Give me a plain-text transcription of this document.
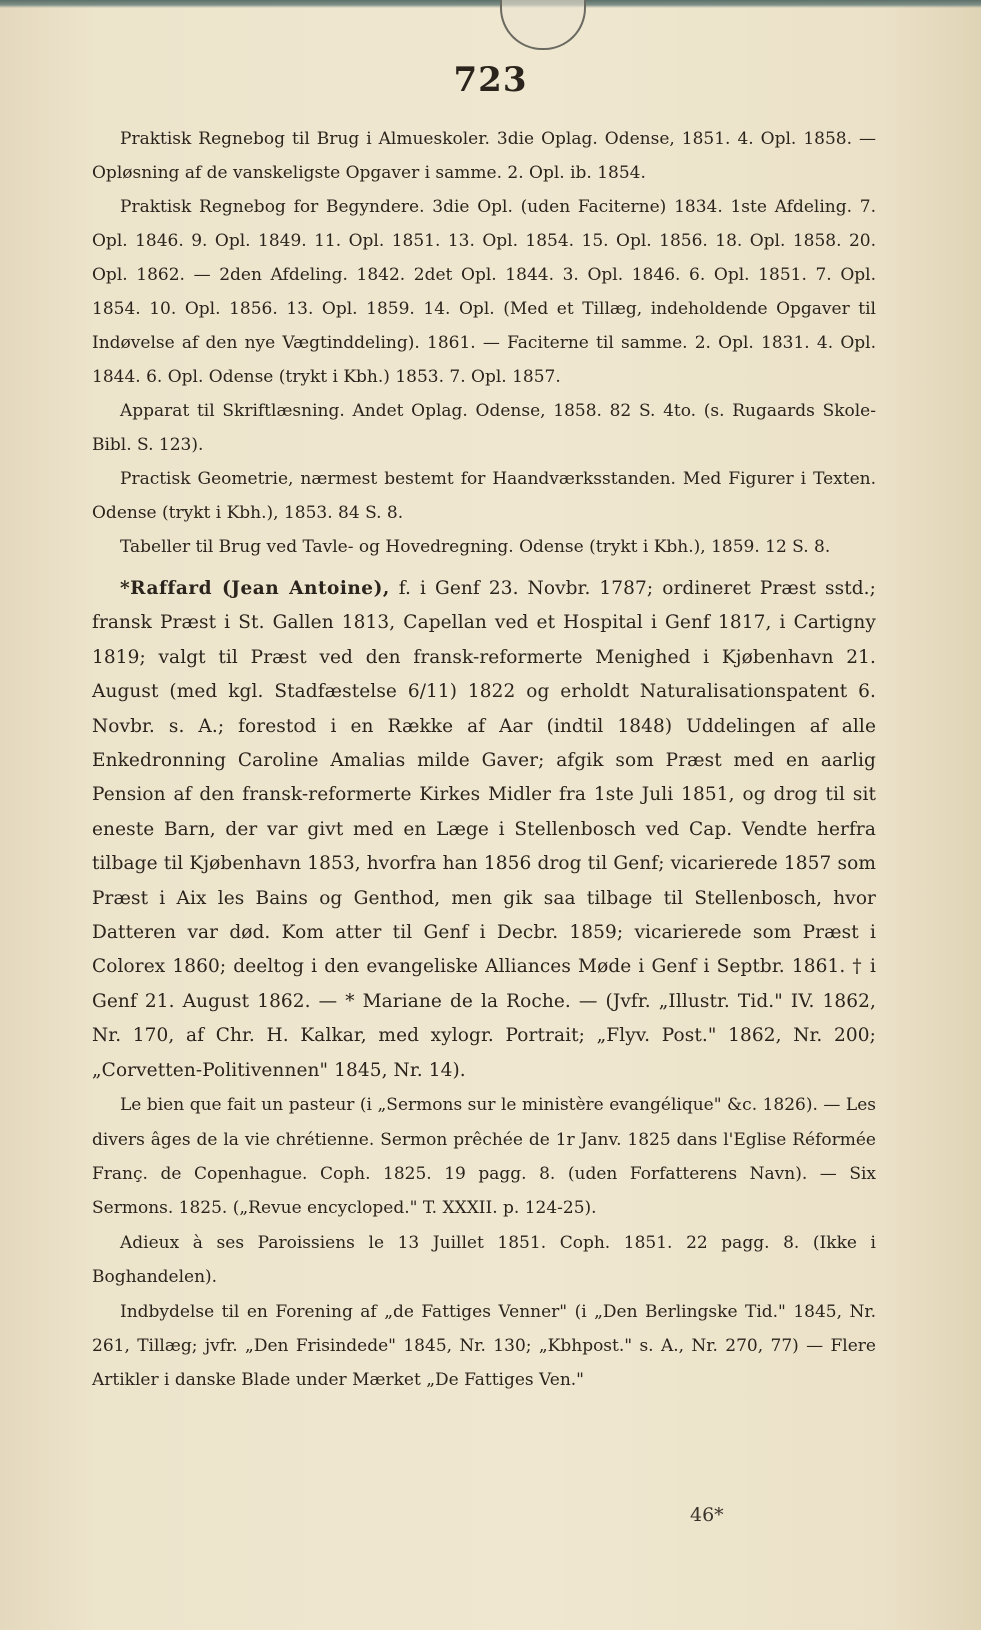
723

Praktisk Regnebog til Brug i Almueskoler. 3die Oplag. Odense, 1851. 4. Opl. 1858. — Opløsning af de vanskeligste Opgaver i samme. 2. Opl. ib. 1854.

Praktisk Regnebog for Begyndere. 3die Opl. (uden Faciterne) 1834. 1ste Afdeling. 7. Opl. 1846. 9. Opl. 1849. 11. Opl. 1851. 13. Opl. 1854. 15. Opl. 1856. 18. Opl. 1858. 20. Opl. 1862. — 2den Afdeling. 1842. 2det Opl. 1844. 3. Opl. 1846. 6. Opl. 1851. 7. Opl. 1854. 10. Opl. 1856. 13. Opl. 1859. 14. Opl. (Med et Tillæg, indeholdende Opgaver til Indøvelse af den nye Vægtinddeling). 1861. — Faciterne til samme. 2. Opl. 1831. 4. Opl. 1844. 6. Opl. Odense (trykt i Kbh.) 1853. 7. Opl. 1857.

Apparat til Skriftlæsning. Andet Oplag. Odense, 1858. 82 S. 4to. (s. Rugaards Skole-Bibl. S. 123).

Practisk Geometrie, nærmest bestemt for Haandværksstanden. Med Figurer i Texten. Odense (trykt i Kbh.), 1853. 84 S. 8.

Tabeller til Brug ved Tavle- og Hovedregning. Odense (trykt i Kbh.), 1859. 12 S. 8.

*Raffard (Jean Antoine), f. i Genf 23. Novbr. 1787; ordineret Præst sstd.; fransk Præst i St. Gallen 1813, Capellan ved et Hospital i Genf 1817, i Cartigny 1819; valgt til Præst ved den fransk-reformerte Menighed i Kjøbenhavn 21. August (med kgl. Stadfæstelse 6/11) 1822 og erholdt Naturalisationspatent 6. Novbr. s. A.; forestod i en Række af Aar (indtil 1848) Uddelingen af alle Enkedronning Caroline Amalias milde Gaver; afgik som Præst med en aarlig Pension af den fransk-reformerte Kirkes Midler fra 1ste Juli 1851, og drog til sit eneste Barn, der var givt med en Læge i Stellenbosch ved Cap. Vendte herfra tilbage til Kjøbenhavn 1853, hvorfra han 1856 drog til Genf; vicarierede 1857 som Præst i Aix les Bains og Genthod, men gik saa tilbage til Stellenbosch, hvor Datteren var død. Kom atter til Genf i Decbr. 1859; vicarierede som Præst i Colorex 1860; deeltog i den evangeliske Alliances Møde i Genf i Septbr. 1861. † i Genf 21. August 1862. — * Mariane de la Roche. — (Jvfr. „Illustr. Tid." IV. 1862, Nr. 170, af Chr. H. Kalkar, med xylogr. Portrait; „Flyv. Post." 1862, Nr. 200; „Corvetten-Politivennen" 1845, Nr. 14).

Le bien que fait un pasteur (i „Sermons sur le ministère evangélique" &c. 1826). — Les divers âges de la vie chrétienne. Sermon prêchée de 1r Janv. 1825 dans l'Eglise Réformée Franç. de Copenhague. Coph. 1825. 19 pagg. 8. (uden Forfatterens Navn). — Six Sermons. 1825. („Revue encycloped." T. XXXII. p. 124-25).

Adieux à ses Paroissiens le 13 Juillet 1851. Coph. 1851. 22 pagg. 8. (Ikke i Boghandelen).

Indbydelse til en Forening af „de Fattiges Venner" (i „Den Berlingske Tid." 1845, Nr. 261, Tillæg; jvfr. „Den Frisindede" 1845, Nr. 130; „Kbhpost." s. A., Nr. 270, 77) — Flere Artikler i danske Blade under Mærket „De Fattiges Ven."

46*
